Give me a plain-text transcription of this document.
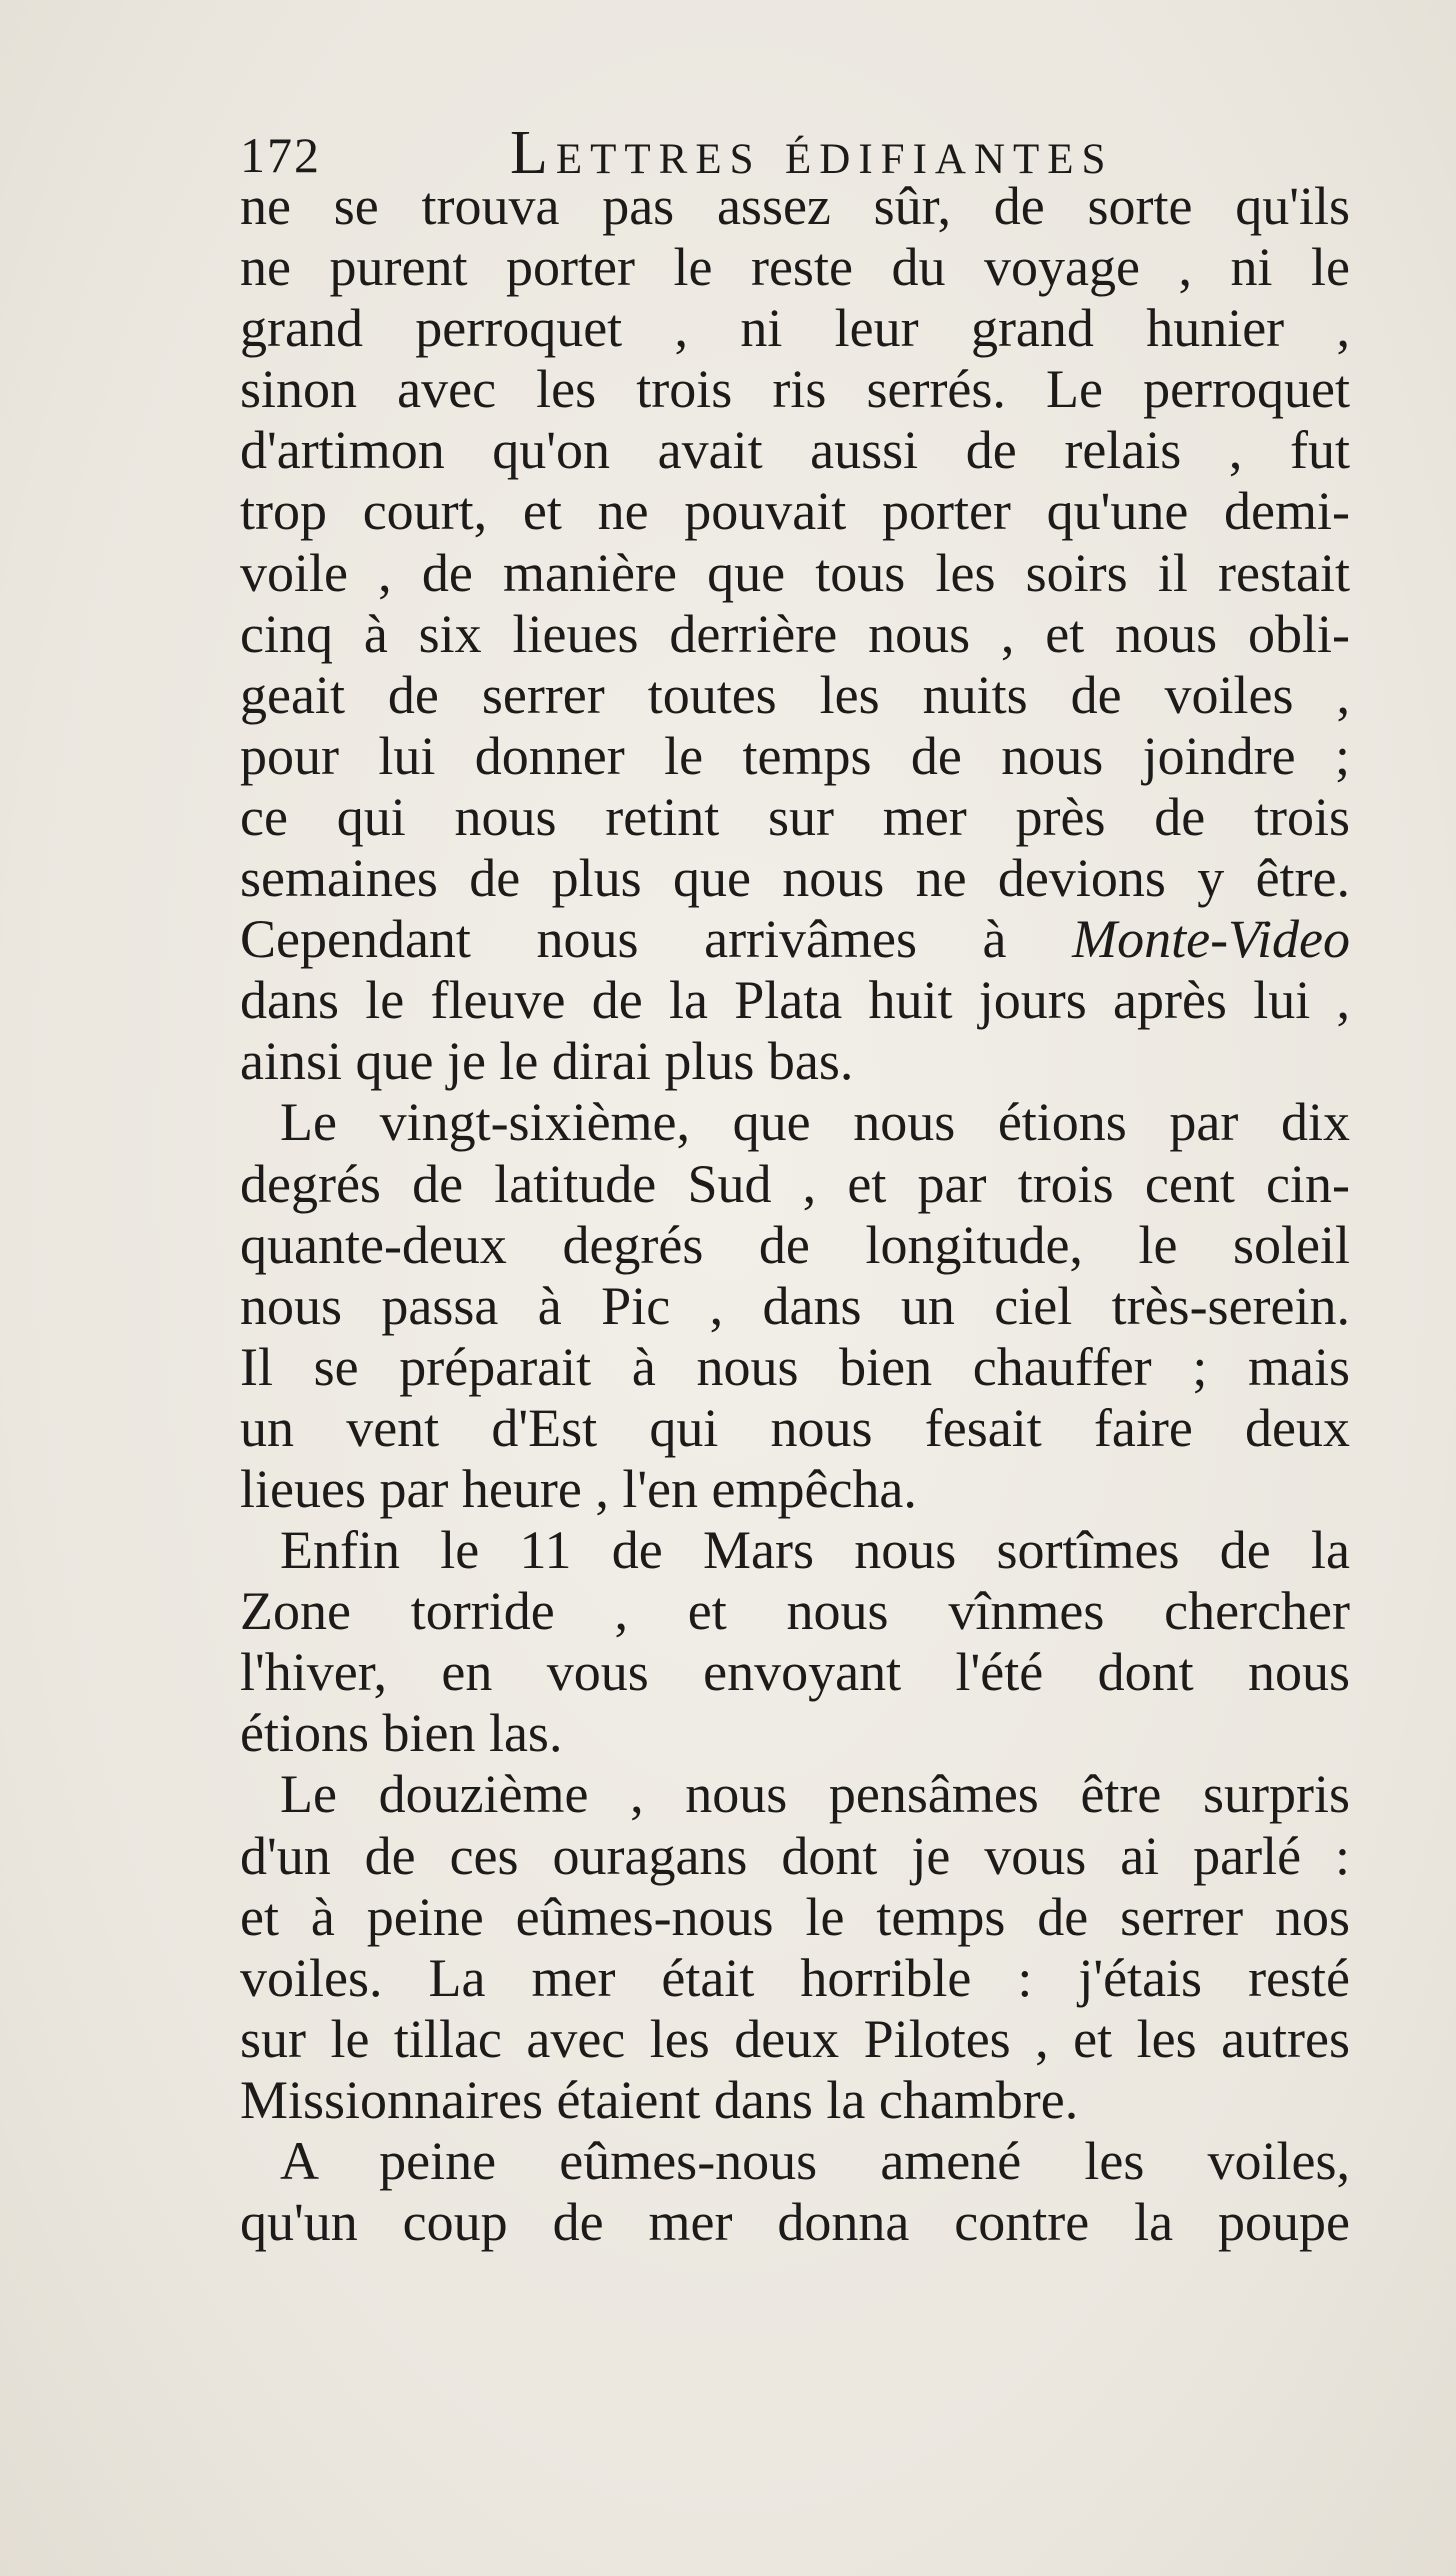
172	Lettres édifiantes
ne se trouva pas assez sûr, de sorte qu'ils
ne purent porter le reste du voyage , ni le
grand perroquet , ni leur grand hunier ,
sinon avec les trois ris serrés. Le perroquet
d'artimon qu'on avait aussi de relais , fut
trop court, et ne pouvait porter qu'une demi-
voile , de manière que tous les soirs il restait
cinq à six lieues derrière nous , et nous obli-
geait de serrer toutes les nuits de voiles ,
pour lui donner le temps de nous joindre ;
ce qui nous retint sur mer près de trois
semaines de plus que nous ne devions y être.
Cependant nous arrivâmes à Monte-Video
dans le fleuve de la Plata huit jours après lui ,
ainsi que je le dirai plus bas.
Le vingt-sixième, que nous étions par dix
degrés de latitude Sud , et par trois cent cin-
quante-deux degrés de longitude, le soleil
nous passa à Pic , dans un ciel très-serein.
Il se préparait à nous bien chauffer ; mais
un vent d'Est qui nous fesait faire deux
lieues par heure , l'en empêcha.
Enfin le 11 de Mars nous sortîmes de la
Zone torride , et nous vînmes chercher
l'hiver, en vous envoyant l'été dont nous
étions bien las.
Le douzième , nous pensâmes être surpris
d'un de ces ouragans dont je vous ai parlé :
et à peine eûmes-nous le temps de serrer nos
voiles. La mer était horrible : j'étais resté
sur le tillac avec les deux Pilotes , et les autres
Missionnaires étaient dans la chambre.
A peine eûmes-nous amené les voiles,
qu'un coup de mer donna contre la poupe
